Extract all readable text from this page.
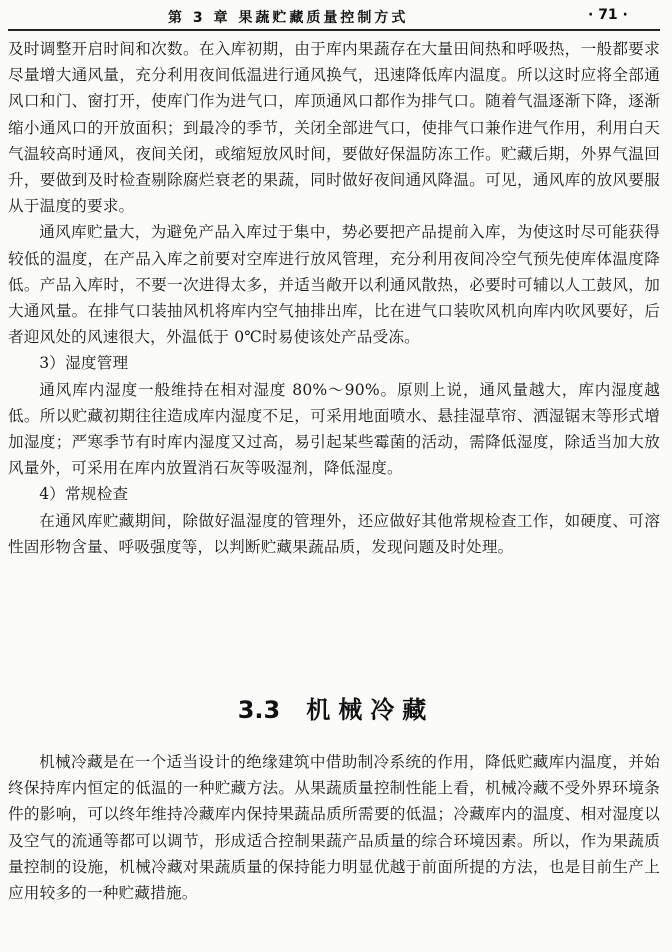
第 3 章 果蔬贮藏质量控制方式	· 71 ·

及时调整开启时间和次数。在入库初期，由于库内果蔬存在大量田间热和呼吸热，一般都要求尽量增大通风量，充分利用夜间低温进行通风换气，迅速降低库内温度。所以这时应将全部通风口和门、窗打开，使库门作为进气口，库顶通风口都作为排气口。随着气温逐渐下降，逐渐缩小通风口的开放面积；到最冷的季节，关闭全部进气口，使排气口兼作进气作用，利用白天气温较高时通风，夜间关闭，或缩短放风时间，要做好保温防冻工作。贮藏后期，外界气温回升，要做到及时检查剔除腐烂衰老的果蔬，同时做好夜间通风降温。可见，通风库的放风要服从于温度的要求。

通风库贮量大，为避免产品入库过于集中，势必要把产品提前入库，为使这时尽可能获得较低的温度，在产品入库之前要对空库进行放风管理，充分利用夜间冷空气预先使库体温度降低。产品入库时，不要一次进得太多，并适当敞开以利通风散热，必要时可辅以人工鼓风，加大通风量。在排气口装抽风机将库内空气抽排出库，比在进气口装吹风机向库内吹风要好，后者迎风处的风速很大，外温低于 0℃时易使该处产品受冻。

3）湿度管理

通风库内湿度一般维持在相对湿度 80%～90%。原则上说，通风量越大，库内湿度越低。所以贮藏初期往往造成库内湿度不足，可采用地面喷水、悬挂湿草帘、洒湿锯末等形式增加湿度；严寒季节有时库内湿度又过高，易引起某些霉菌的活动，需降低湿度，除适当加大放风量外，可采用在库内放置消石灰等吸湿剂，降低湿度。

4）常规检查

在通风库贮藏期间，除做好温湿度的管理外，还应做好其他常规检查工作，如硬度、可溶性固形物含量、呼吸强度等，以判断贮藏果蔬品质，发现问题及时处理。

3.3 机械冷藏

机械冷藏是在一个适当设计的绝缘建筑中借助制冷系统的作用，降低贮藏库内温度，并始终保持库内恒定的低温的一种贮藏方法。从果蔬质量控制性能上看，机械冷藏不受外界环境条件的影响，可以终年维持冷藏库内保持果蔬品质所需要的低温；冷藏库内的温度、相对湿度以及空气的流通等都可以调节，形成适合控制果蔬产品质量的综合环境因素。所以，作为果蔬质量控制的设施，机械冷藏对果蔬质量的保持能力明显优越于前面所提的方法，也是目前生产上应用较多的一种贮藏措施。
